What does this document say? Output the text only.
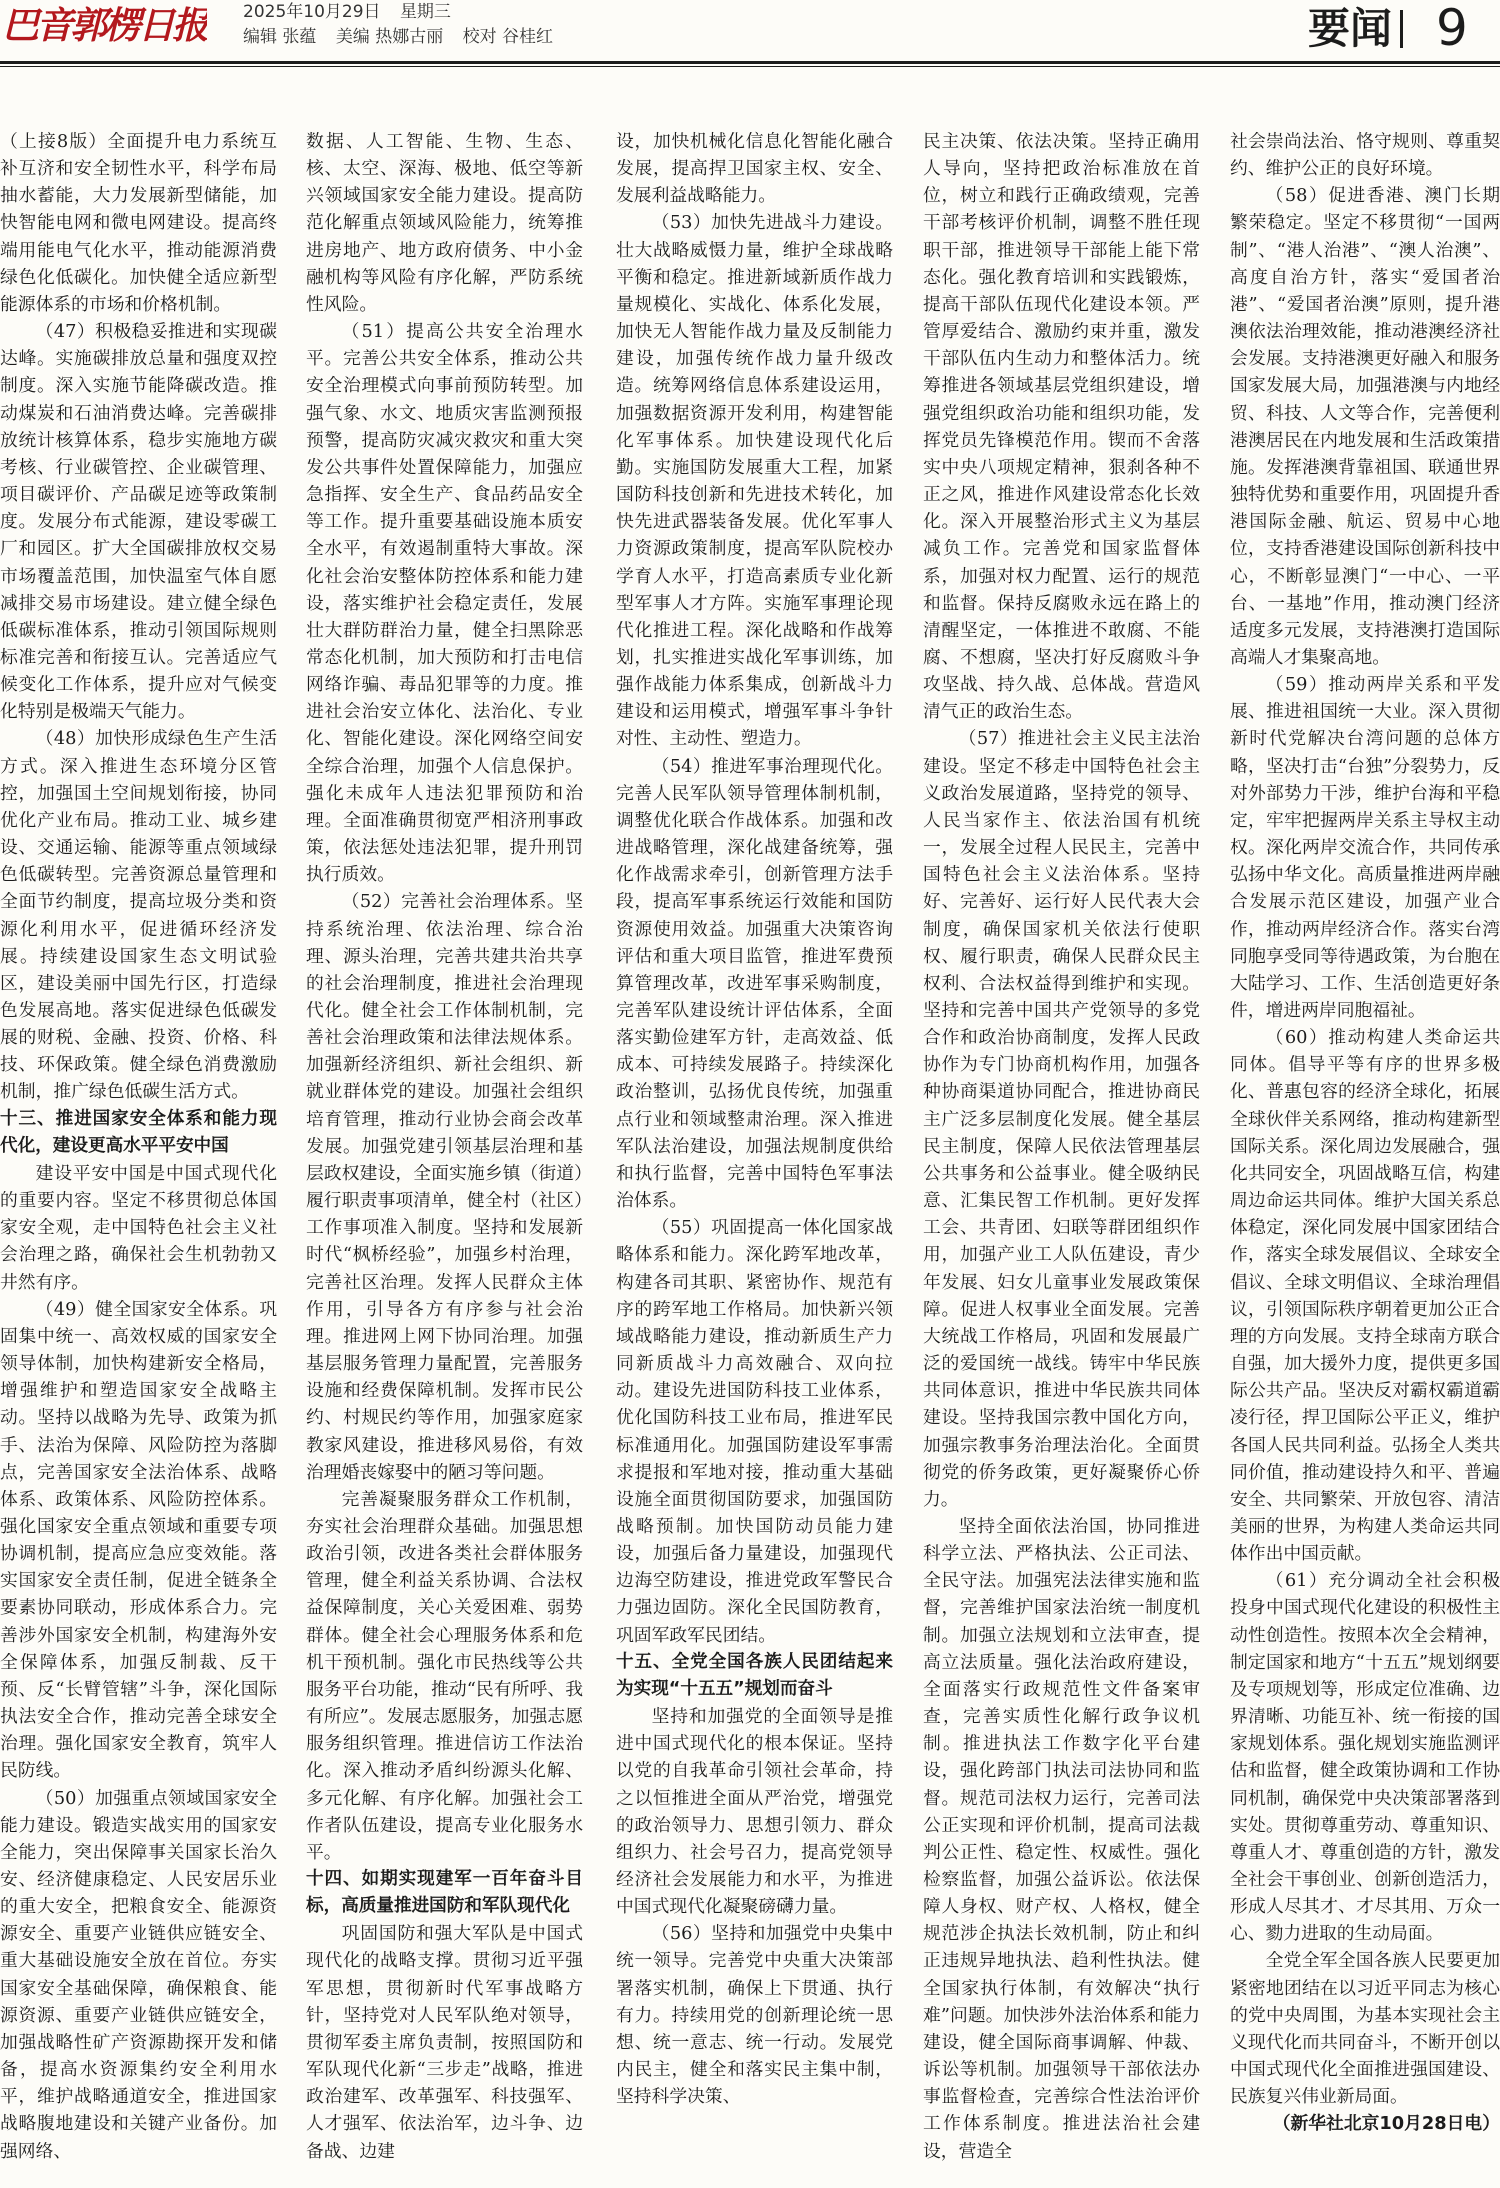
巴音郭楞日报 2025年10月29日 星期三
编辑 张蕴 美编 热娜古丽 校对 谷桂红	要闻 9

（上接8版）全面提升电力系统互补互济和安全韧性水平，科学布局抽水蓄能，大力发展新型储能，加快智能电网和微电网建设。提高终端用能电气化水平，推动能源消费绿色化低碳化。加快健全适应新型能源体系的市场和价格机制。

（47）积极稳妥推进和实现碳达峰。实施碳排放总量和强度双控制度。深入实施节能降碳改造。推动煤炭和石油消费达峰。完善碳排放统计核算体系，稳步实施地方碳考核、行业碳管控、企业碳管理、项目碳评价、产品碳足迹等政策制度。发展分布式能源，建设零碳工厂和园区。扩大全国碳排放权交易市场覆盖范围，加快温室气体自愿减排交易市场建设。建立健全绿色低碳标准体系，推动引领国际规则标准完善和衔接互认。完善适应气候变化工作体系，提升应对气候变化特别是极端天气能力。

（48）加快形成绿色生产生活方式。深入推进生态环境分区管控，加强国土空间规划衔接，协同优化产业布局。推动工业、城乡建设、交通运输、能源等重点领域绿色低碳转型。完善资源总量管理和全面节约制度，提高垃圾分类和资源化利用水平，促进循环经济发展。持续建设国家生态文明试验区，建设美丽中国先行区，打造绿色发展高地。落实促进绿色低碳发展的财税、金融、投资、价格、科技、环保政策。健全绿色消费激励机制，推广绿色低碳生活方式。

十三、推进国家安全体系和能力现代化，建设更高水平平安中国

建设平安中国是中国式现代化的重要内容。坚定不移贯彻总体国家安全观，走中国特色社会主义社会治理之路，确保社会生机勃勃又井然有序。

（49）健全国家安全体系。巩固集中统一、高效权威的国家安全领导体制，加快构建新安全格局，增强维护和塑造国家安全战略主动。坚持以战略为先导、政策为抓手、法治为保障、风险防控为落脚点，完善国家安全法治体系、战略体系、政策体系、风险防控体系。强化国家安全重点领域和重要专项协调机制，提高应急应变效能。落实国家安全责任制，促进全链条全要素协同联动，形成体系合力。完善涉外国家安全机制，构建海外安全保障体系，加强反制裁、反干预、反“长臂管辖”斗争，深化国际执法安全合作，推动完善全球安全治理。强化国家安全教育，筑牢人民防线。

（50）加强重点领域国家安全能力建设。锻造实战实用的国家安全能力，突出保障事关国家长治久安、经济健康稳定、人民安居乐业的重大安全，把粮食安全、能源资源安全、重要产业链供应链安全、重大基础设施安全放在首位。夯实国家安全基础保障，确保粮食、能源资源、重要产业链供应链安全，加强战略性矿产资源勘探开发和储备，提高水资源集约安全利用水平，维护战略通道安全，推进国家战略腹地建设和关键产业备份。加强网络、

数据、人工智能、生物、生态、核、太空、深海、极地、低空等新兴领域国家安全能力建设。提高防范化解重点领域风险能力，统筹推进房地产、地方政府债务、中小金融机构等风险有序化解，严防系统性风险。

（51）提高公共安全治理水平。完善公共安全体系，推动公共安全治理模式向事前预防转型。加强气象、水文、地质灾害监测预报预警，提高防灾减灾救灾和重大突发公共事件处置保障能力，加强应急指挥、安全生产、食品药品安全等工作。提升重要基础设施本质安全水平，有效遏制重特大事故。深化社会治安整体防控体系和能力建设，落实维护社会稳定责任，发展壮大群防群治力量，健全扫黑除恶常态化机制，加大预防和打击电信网络诈骗、毒品犯罪等的力度。推进社会治安立体化、法治化、专业化、智能化建设。深化网络空间安全综合治理，加强个人信息保护。强化未成年人违法犯罪预防和治理。全面准确贯彻宽严相济刑事政策，依法惩处违法犯罪，提升刑罚执行质效。

（52）完善社会治理体系。坚持系统治理、依法治理、综合治理、源头治理，完善共建共治共享的社会治理制度，推进社会治理现代化。健全社会工作体制机制，完善社会治理政策和法律法规体系。加强新经济组织、新社会组织、新就业群体党的建设。加强社会组织培育管理，推动行业协会商会改革发展。加强党建引领基层治理和基层政权建设，全面实施乡镇（街道）履行职责事项清单，健全村（社区）工作事项准入制度。坚持和发展新时代“枫桥经验”，加强乡村治理，完善社区治理。发挥人民群众主体作用，引导各方有序参与社会治理。推进网上网下协同治理。加强基层服务管理力量配置，完善服务设施和经费保障机制。发挥市民公约、村规民约等作用，加强家庭家教家风建设，推进移风易俗，有效治理婚丧嫁娶中的陋习等问题。

完善凝聚服务群众工作机制，夯实社会治理群众基础。加强思想政治引领，改进各类社会群体服务管理，健全利益关系协调、合法权益保障制度，关心关爱困难、弱势群体。健全社会心理服务体系和危机干预机制。强化市民热线等公共服务平台功能，推动“民有所呼、我有所应”。发展志愿服务，加强志愿服务组织管理。推进信访工作法治化。深入推动矛盾纠纷源头化解、多元化解、有序化解。加强社会工作者队伍建设，提高专业化服务水平。

十四、如期实现建军一百年奋斗目标，高质量推进国防和军队现代化

巩固国防和强大军队是中国式现代化的战略支撑。贯彻习近平强军思想，贯彻新时代军事战略方针，坚持党对人民军队绝对领导，贯彻军委主席负责制，按照国防和军队现代化新“三步走”战略，推进政治建军、改革强军、科技强军、人才强军、依法治军，边斗争、边备战、边建

设，加快机械化信息化智能化融合发展，提高捍卫国家主权、安全、发展利益战略能力。

（53）加快先进战斗力建设。壮大战略威慑力量，维护全球战略平衡和稳定。推进新域新质作战力量规模化、实战化、体系化发展，加快无人智能作战力量及反制能力建设，加强传统作战力量升级改造。统筹网络信息体系建设运用，加强数据资源开发利用，构建智能化军事体系。加快建设现代化后勤。实施国防发展重大工程，加紧国防科技创新和先进技术转化，加快先进武器装备发展。优化军事人力资源政策制度，提高军队院校办学育人水平，打造高素质专业化新型军事人才方阵。实施军事理论现代化推进工程。深化战略和作战筹划，扎实推进实战化军事训练，加强作战能力体系集成，创新战斗力建设和运用模式，增强军事斗争针对性、主动性、塑造力。

（54）推进军事治理现代化。完善人民军队领导管理体制机制，调整优化联合作战体系。加强和改进战略管理，深化战建备统筹，强化作战需求牵引，创新管理方法手段，提高军事系统运行效能和国防资源使用效益。加强重大决策咨询评估和重大项目监管，推进军费预算管理改革，改进军事采购制度，完善军队建设统计评估体系，全面落实勤俭建军方针，走高效益、低成本、可持续发展路子。持续深化政治整训，弘扬优良传统，加强重点行业和领域整肃治理。深入推进军队法治建设，加强法规制度供给和执行监督，完善中国特色军事法治体系。

（55）巩固提高一体化国家战略体系和能力。深化跨军地改革，构建各司其职、紧密协作、规范有序的跨军地工作格局。加快新兴领域战略能力建设，推动新质生产力同新质战斗力高效融合、双向拉动。建设先进国防科技工业体系，优化国防科技工业布局，推进军民标准通用化。加强国防建设军事需求提报和军地对接，推动重大基础设施全面贯彻国防要求，加强国防战略预制。加快国防动员能力建设，加强后备力量建设，加强现代边海空防建设，推进党政军警民合力强边固防。深化全民国防教育，巩固军政军民团结。

十五、全党全国各族人民团结起来为实现“十五五”规划而奋斗

坚持和加强党的全面领导是推进中国式现代化的根本保证。坚持以党的自我革命引领社会革命，持之以恒推进全面从严治党，增强党的政治领导力、思想引领力、群众组织力、社会号召力，提高党领导经济社会发展能力和水平，为推进中国式现代化凝聚磅礴力量。

（56）坚持和加强党中央集中统一领导。完善党中央重大决策部署落实机制，确保上下贯通、执行有力。持续用党的创新理论统一思想、统一意志、统一行动。发展党内民主，健全和落实民主集中制，坚持科学决策、

民主决策、依法决策。坚持正确用人导向，坚持把政治标准放在首位，树立和践行正确政绩观，完善干部考核评价机制，调整不胜任现职干部，推进领导干部能上能下常态化。强化教育培训和实践锻炼，提高干部队伍现代化建设本领。严管厚爱结合、激励约束并重，激发干部队伍内生动力和整体活力。统筹推进各领域基层党组织建设，增强党组织政治功能和组织功能，发挥党员先锋模范作用。锲而不舍落实中央八项规定精神，狠刹各种不正之风，推进作风建设常态化长效化。深入开展整治形式主义为基层减负工作。完善党和国家监督体系，加强对权力配置、运行的规范和监督。保持反腐败永远在路上的清醒坚定，一体推进不敢腐、不能腐、不想腐，坚决打好反腐败斗争攻坚战、持久战、总体战。营造风清气正的政治生态。

（57）推进社会主义民主法治建设。坚定不移走中国特色社会主义政治发展道路，坚持党的领导、人民当家作主、依法治国有机统一，发展全过程人民民主，完善中国特色社会主义法治体系。坚持好、完善好、运行好人民代表大会制度，确保国家机关依法行使职权、履行职责，确保人民群众民主权利、合法权益得到维护和实现。坚持和完善中国共产党领导的多党合作和政治协商制度，发挥人民政协作为专门协商机构作用，加强各种协商渠道协同配合，推进协商民主广泛多层制度化发展。健全基层民主制度，保障人民依法管理基层公共事务和公益事业。健全吸纳民意、汇集民智工作机制。更好发挥工会、共青团、妇联等群团组织作用，加强产业工人队伍建设，青少年发展、妇女儿童事业发展政策保障。促进人权事业全面发展。完善大统战工作格局，巩固和发展最广泛的爱国统一战线。铸牢中华民族共同体意识，推进中华民族共同体建设。坚持我国宗教中国化方向，加强宗教事务治理法治化。全面贯彻党的侨务政策，更好凝聚侨心侨力。

坚持全面依法治国，协同推进科学立法、严格执法、公正司法、全民守法。加强宪法法律实施和监督，完善维护国家法治统一制度机制。加强立法规划和立法审查，提高立法质量。强化法治政府建设，全面落实行政规范性文件备案审查，完善实质性化解行政争议机制。推进执法工作数字化平台建设，强化跨部门执法司法协同和监督。规范司法权力运行，完善司法公正实现和评价机制，提高司法裁判公正性、稳定性、权威性。强化检察监督，加强公益诉讼。依法保障人身权、财产权、人格权，健全规范涉企执法长效机制，防止和纠正违规异地执法、趋利性执法。健全国家执行体制，有效解决“执行难”问题。加快涉外法治体系和能力建设，健全国际商事调解、仲裁、诉讼等机制。加强领导干部依法办事监督检查，完善综合性法治评价工作体系制度。推进法治社会建设，营造全

社会崇尚法治、恪守规则、尊重契约、维护公正的良好环境。

（58）促进香港、澳门长期繁荣稳定。坚定不移贯彻“一国两制”、“港人治港”、“澳人治澳”、高度自治方针，落实“爱国者治港”、“爱国者治澳”原则，提升港澳依法治理效能，推动港澳经济社会发展。支持港澳更好融入和服务国家发展大局，加强港澳与内地经贸、科技、人文等合作，完善便利港澳居民在内地发展和生活政策措施。发挥港澳背靠祖国、联通世界独特优势和重要作用，巩固提升香港国际金融、航运、贸易中心地位，支持香港建设国际创新科技中心，不断彰显澳门“一中心、一平台、一基地”作用，推动澳门经济适度多元发展，支持港澳打造国际高端人才集聚高地。

（59）推动两岸关系和平发展、推进祖国统一大业。深入贯彻新时代党解决台湾问题的总体方略，坚决打击“台独”分裂势力，反对外部势力干涉，维护台海和平稳定，牢牢把握两岸关系主导权主动权。深化两岸交流合作，共同传承弘扬中华文化。高质量推进两岸融合发展示范区建设，加强产业合作，推动两岸经济合作。落实台湾同胞享受同等待遇政策，为台胞在大陆学习、工作、生活创造更好条件，增进两岸同胞福祉。

（60）推动构建人类命运共同体。倡导平等有序的世界多极化、普惠包容的经济全球化，拓展全球伙伴关系网络，推动构建新型国际关系。深化周边发展融合，强化共同安全，巩固战略互信，构建周边命运共同体。维护大国关系总体稳定，深化同发展中国家团结合作，落实全球发展倡议、全球安全倡议、全球文明倡议、全球治理倡议，引领国际秩序朝着更加公正合理的方向发展。支持全球南方联合自强，加大援外力度，提供更多国际公共产品。坚决反对霸权霸道霸凌行径，捍卫国际公平正义，维护各国人民共同利益。弘扬全人类共同价值，推动建设持久和平、普遍安全、共同繁荣、开放包容、清洁美丽的世界，为构建人类命运共同体作出中国贡献。

（61）充分调动全社会积极投身中国式现代化建设的积极性主动性创造性。按照本次全会精神，制定国家和地方“十五五”规划纲要及专项规划等，形成定位准确、边界清晰、功能互补、统一衔接的国家规划体系。强化规划实施监测评估和监督，健全政策协调和工作协同机制，确保党中央决策部署落到实处。贯彻尊重劳动、尊重知识、尊重人才、尊重创造的方针，激发全社会干事创业、创新创造活力，形成人尽其才、才尽其用、万众一心、勠力进取的生动局面。

全党全军全国各族人民要更加紧密地团结在以习近平同志为核心的党中央周围，为基本实现社会主义现代化而共同奋斗，不断开创以中国式现代化全面推进强国建设、民族复兴伟业新局面。

（新华社北京10月28日电）
